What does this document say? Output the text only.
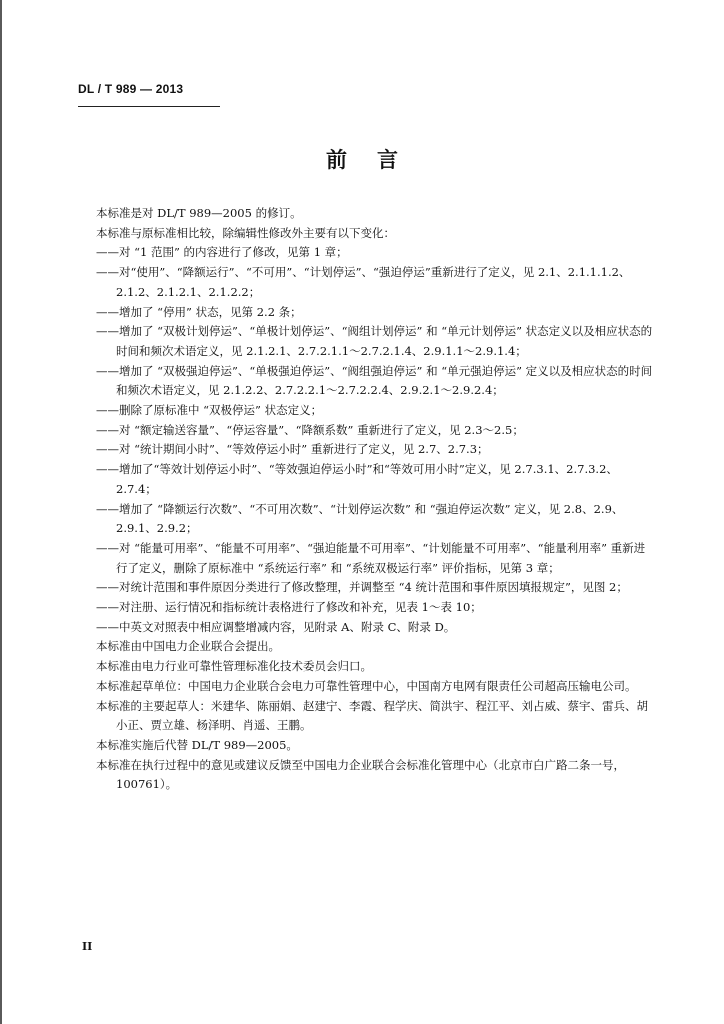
DL / T 989 — 2013
前言

本标准是对 DL/T 989—2005 的修订。

本标准与原标准相比较，除编辑性修改外主要有以下变化：

——对 “1 范围” 的内容进行了修改，见第 1 章；

——对“使用”、“降额运行”、“不可用”、“计划停运”、“强迫停运”重新进行了定义，见 2.1、2.1.1.1.2、2.1.2、2.1.2.1、2.1.2.2；

——增加了 “停用” 状态，见第 2.2 条；

——增加了 “双极计划停运”、“单极计划停运”、“阀组计划停运” 和 “单元计划停运” 状态定义以及相应状态的时间和频次术语定义，见 2.1.2.1、2.7.2.1.1～2.7.2.1.4、2.9.1.1～2.9.1.4；

——增加了 “双极强迫停运”、“单极强迫停运”、“阀组强迫停运” 和 “单元强迫停运” 定义以及相应状态的时间和频次术语定义，见 2.1.2.2、2.7.2.2.1～2.7.2.2.4、2.9.2.1～2.9.2.4；

——删除了原标准中 “双极停运” 状态定义；

——对 “额定输送容量”、“停运容量”、“降额系数” 重新进行了定义，见 2.3～2.5；

——对 “统计期间小时”、“等效停运小时” 重新进行了定义，见 2.7、2.7.3；

——增加了“等效计划停运小时”、“等效强迫停运小时”和“等效可用小时”定义，见 2.7.3.1、2.7.3.2、2.7.4；

——增加了 “降额运行次数”、“不可用次数”、“计划停运次数” 和 “强迫停运次数” 定义，见 2.8、2.9、2.9.1、2.9.2；

——对 “能量可用率”、“能量不可用率”、“强迫能量不可用率”、“计划能量不可用率”、“能量利用率” 重新进行了定义，删除了原标准中 “系统运行率” 和 “系统双极运行率” 评价指标，见第 3 章；

——对统计范围和事件原因分类进行了修改整理，并调整至 “4 统计范围和事件原因填报规定”，见图 2；

——对注册、运行情况和指标统计表格进行了修改和补充，见表 1～表 10；

——中英文对照表中相应调整增减内容，见附录 A、附录 C、附录 D。

本标准由中国电力企业联合会提出。

本标准由电力行业可靠性管理标准化技术委员会归口。

本标准起草单位：中国电力企业联合会电力可靠性管理中心，中国南方电网有限责任公司超高压输电公司。

本标准的主要起草人：米建华、陈丽娟、赵建宁、李霞、程学庆、简洪宇、程江平、刘占威、蔡宇、雷兵、胡小正、贾立雄、杨泽明、肖遥、王鹏。

本标准实施后代替 DL/T 989—2005。

本标准在执行过程中的意见或建议反馈至中国电力企业联合会标准化管理中心（北京市白广路二条一号，100761）。

II
